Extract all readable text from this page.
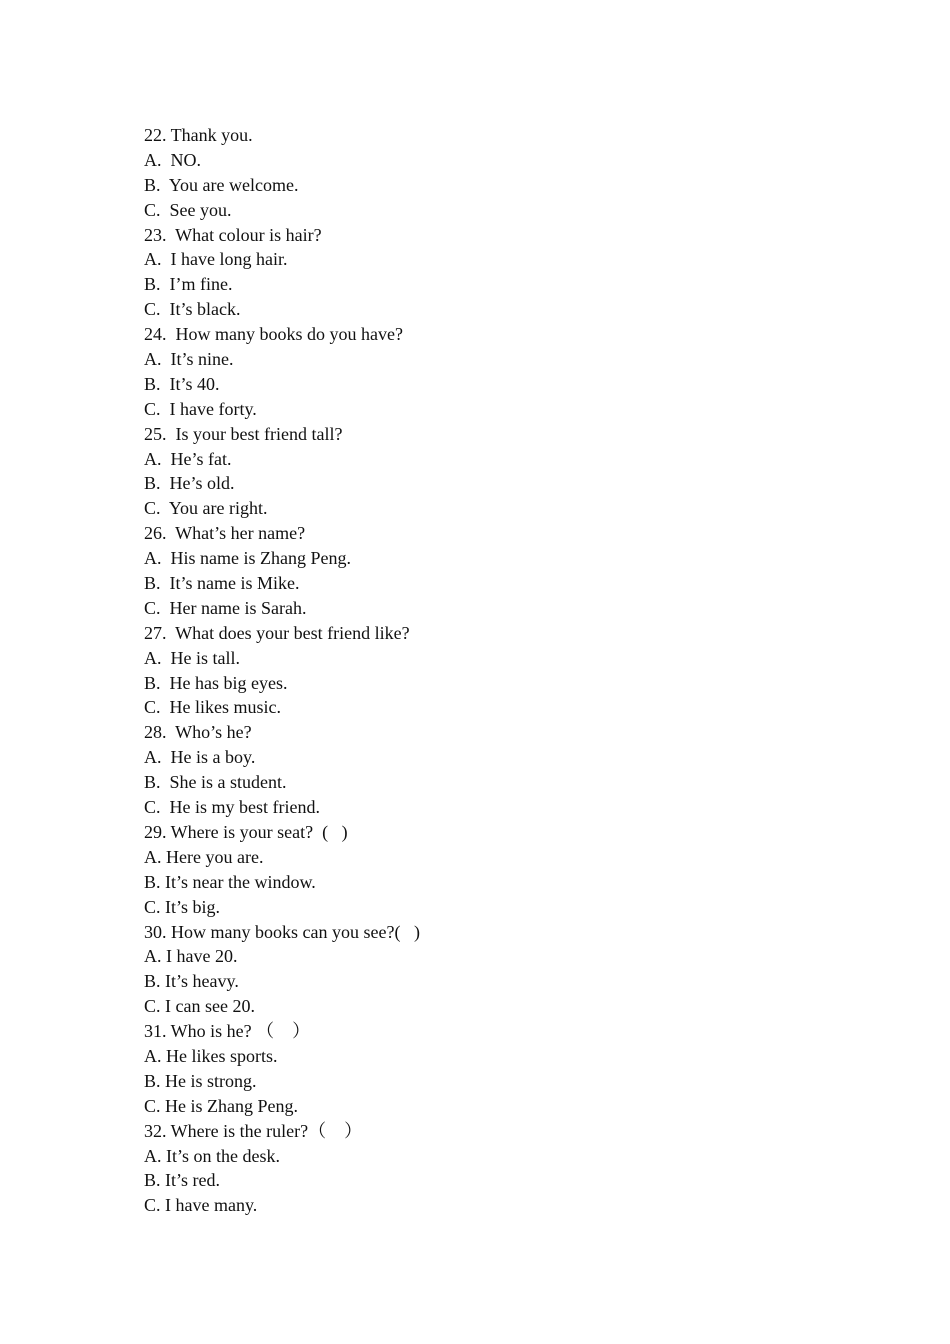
22. Thank you.
A.  NO.
B.  You are welcome.
C.  See you.
23.  What colour is hair?
A.  I have long hair.
B.  I’m fine.
C.  It’s black.
24.  How many books do you have?
A.  It’s nine.
B.  It’s 40.
C.  I have forty.
25.  Is your best friend tall?
A.  He’s fat.
B.  He’s old.
C.  You are right.
26.  What’s her name?
A.  His name is Zhang Peng.
B.  It’s name is Mike.
C.  Her name is Sarah.
27.  What does your best friend like?
A.  He is tall.
B.  He has big eyes.
C.  He likes music.
28.  Who’s he?
A.  He is a boy.
B.  She is a student.
C.  He is my best friend.
29. Where is your seat?  (   )
A. Here you are.
B. It’s near the window.
C. It’s big.
30. How many books can you see?(   )
A. I have 20.
B. It’s heavy.
C. I can see 20.
31. Who is he? （    ）
A. He likes sports.
B. He is strong.
C. He is Zhang Peng.
32. Where is the ruler?（    ）
A. It’s on the desk.
B. It’s red.
C. I have many.
